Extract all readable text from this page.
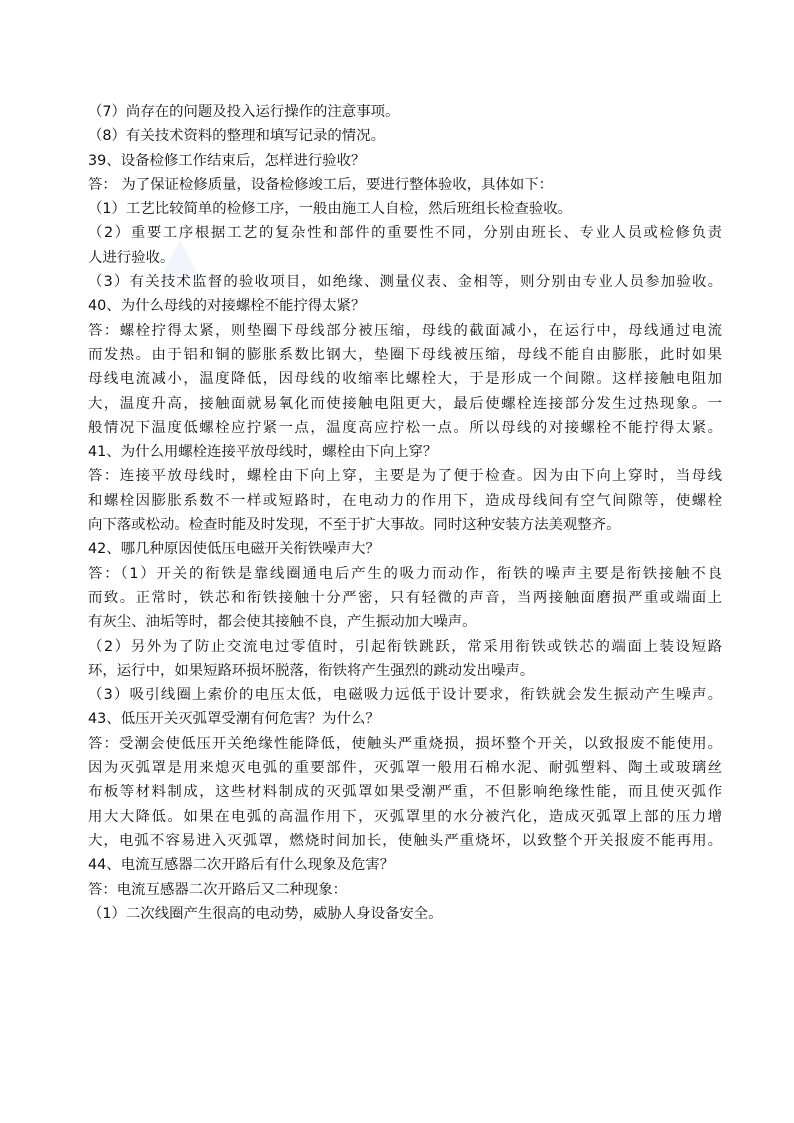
（7）尚存在的问题及投入运行操作的注意事项。
（8）有关技术资料的整理和填写记录的情况。
39、设备检修工作结束后，怎样进行验收？
答： 为了保证检修质量，设备检修竣工后，要进行整体验收，具体如下：
（1）工艺比较简单的检修工序，一般由施工人自检，然后班组长检查验收。
（2）重要工序根据工艺的复杂性和部件的重要性不同，分别由班长、专业人员或检修负责
人进行验收。
（3）有关技术监督的验收项目，如绝缘、测量仪表、金相等，则分别由专业人员参加验收。
40、为什么母线的对接螺栓不能拧得太紧？
答：螺栓拧得太紧，则垫圈下母线部分被压缩，母线的截面减小，在运行中，母线通过电流
而发热。由于铝和铜的膨胀系数比钢大，垫圈下母线被压缩，母线不能自由膨胀，此时如果
母线电流减小，温度降低，因母线的收缩率比螺栓大，于是形成一个间隙。这样接触电阻加
大，温度升高，接触面就易氧化而使接触电阻更大，最后使螺栓连接部分发生过热现象。一
般情况下温度低螺栓应拧紧一点，温度高应拧松一点。所以母线的对接螺栓不能拧得太紧。
41、为什么用螺栓连接平放母线时，螺栓由下向上穿？
答：连接平放母线时，螺栓由下向上穿，主要是为了便于检查。因为由下向上穿时，当母线
和螺栓因膨胀系数不一样或短路时，在电动力的作用下，造成母线间有空气间隙等，使螺栓
向下落或松动。检查时能及时发现，不至于扩大事故。同时这种安装方法美观整齐。
42、哪几种原因使低压电磁开关衔铁噪声大？
答：（1）开关的衔铁是靠线圈通电后产生的吸力而动作，衔铁的噪声主要是衔铁接触不良
而致。正常时，铁芯和衔铁接触十分严密，只有轻微的声音，当两接触面磨损严重或端面上
有灰尘、油垢等时，都会使其接触不良，产生振动加大噪声。
（2）另外为了防止交流电过零值时，引起衔铁跳跃，常采用衔铁或铁芯的端面上装设短路
环，运行中，如果短路环损坏脱落，衔铁将产生强烈的跳动发出噪声。
（3）吸引线圈上索价的电压太低，电磁吸力远低于设计要求，衔铁就会发生振动产生噪声。
43、低压开关灭弧罩受潮有何危害？为什么？
答：受潮会使低压开关绝缘性能降低，使触头严重烧损，损坏整个开关，以致报废不能使用。
因为灭弧罩是用来熄灭电弧的重要部件，灭弧罩一般用石棉水泥、耐弧塑料、陶土或玻璃丝
布板等材料制成，这些材料制成的灭弧罩如果受潮严重，不但影响绝缘性能，而且使灭弧作
用大大降低。如果在电弧的高温作用下，灭弧罩里的水分被汽化，造成灭弧罩上部的压力增
大，电弧不容易进入灭弧罩，燃烧时间加长，使触头严重烧坏，以致整个开关报废不能再用。
44、电流互感器二次开路后有什么现象及危害？
答：电流互感器二次开路后又二种现象：
（1）二次线圈产生很高的电动势，威胁人身设备安全。
